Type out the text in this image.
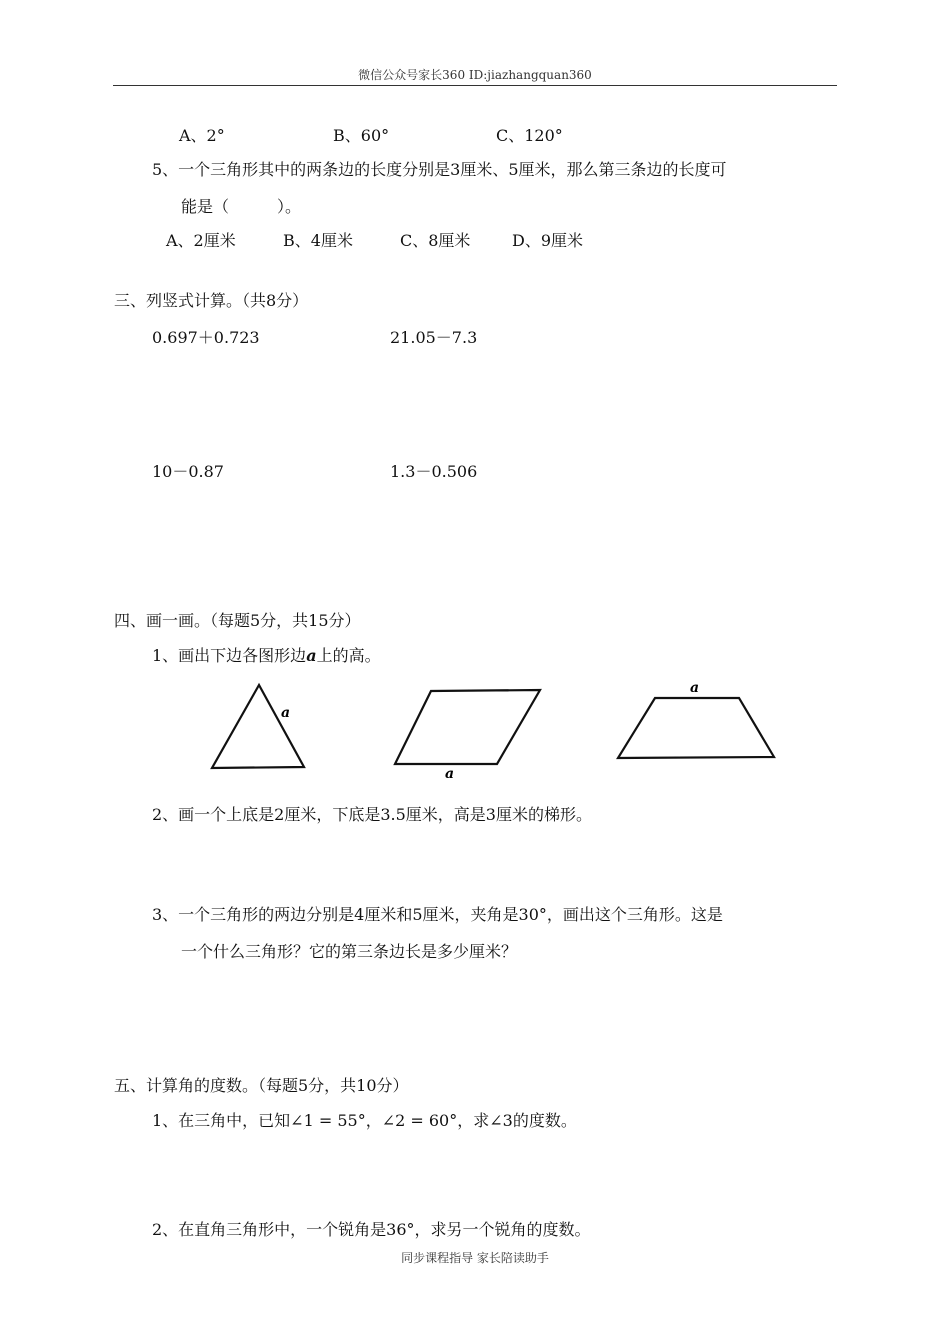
微信公众号家长360 ID:jiazhangquan360
A、2°	B、60°	C、120°
5、一个三角形其中的两条边的长度分别是3厘米、5厘米，那么第三条边的长度可
能是（　　　）。
A、2厘米	B、4厘米	C、8厘米	D、9厘米
三、列竖式计算。（共8分）
0.697＋0.723	21.05－7.3
10－0.87	1.3－0.506
四、画一画。（每题5分，共15分）
1、画出下边各图形边a上的高。
a
a
a
2、画一个上底是2厘米，下底是3.5厘米，高是3厘米的梯形。
3、一个三角形的两边分别是4厘米和5厘米，夹角是30°，画出这个三角形。这是
一个什么三角形？它的第三条边长是多少厘米？
五、计算角的度数。（每题5分，共10分）
1、在三角中，已知∠1 = 55°，∠2 = 60°，求∠3的度数。
2、在直角三角形中，一个锐角是36°，求另一个锐角的度数。
同步课程指导 家长陪读助手
